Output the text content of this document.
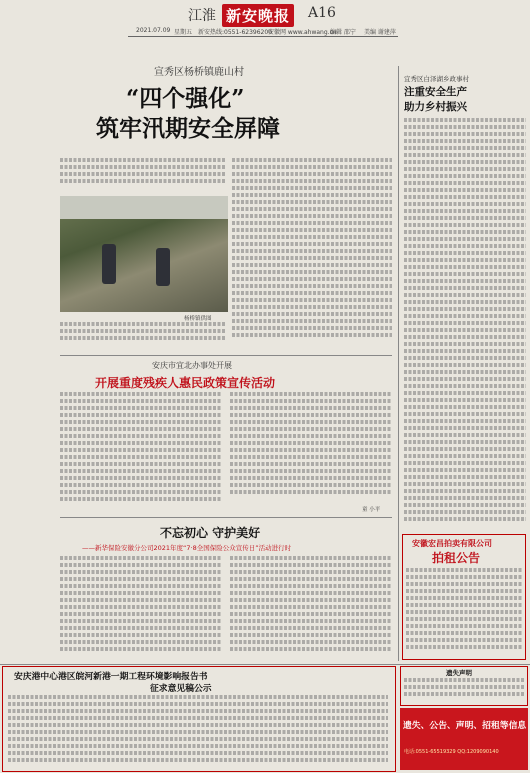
江淮 新安晚报 A16
2021.07.09 星期五 新安热线:0551-62396200
安徽网 www.ahwang.cn
编辑 邵宁 美编 谢建萍
宣秀区杨桥镇鹿山村
“四个强化”
筑牢汛期安全屏障
杨桥镇供图
安庆市宜北办事处开展
开展重度残疾人惠民政策宣传活动
童 小平
不忘初心 守护美好
——新华保险安徽分公司2021年度“7·8全国保险公众宣传日”活动进行时
宜秀区白泽湖乡政事村
注重安全生产
助力乡村振兴
安徽宏昌拍卖有限公司
拍租公告
安庆港中心港区皖河新港一期工程环境影响报告书
征求意见稿公示
遗失声明
遗失、公告、声明、招租等信息
电话:0551-65519329 QQ:1209090140
